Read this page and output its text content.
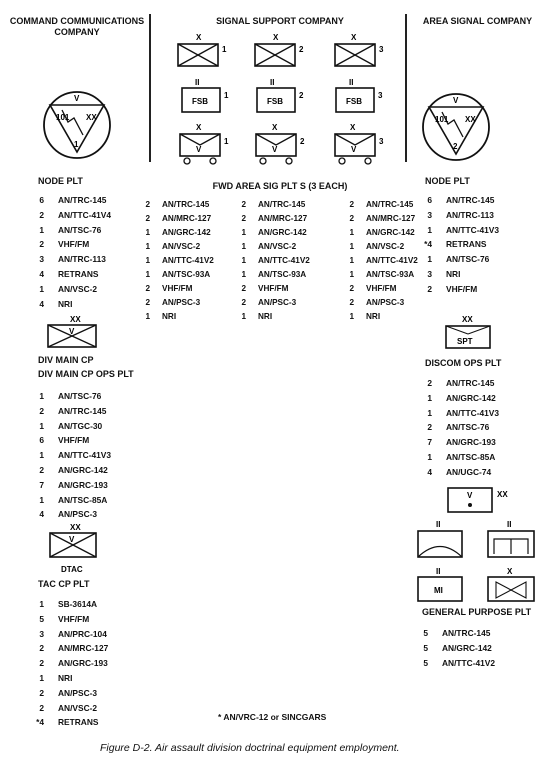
COMMAND COMMUNICATIONS COMPANY
SIGNAL SUPPORT COMPANY	AREA SIGNAL COMPANY
V
101 XX
1
NODE PLT
6 AN/TRC-145
2 AN/TTC-41V4
1 AN/TSC-76
2 VHF/FM
3 AN/TRC-113
4 RETRANS
1 AN/VSC-2
4 NRI
XX
V
DIV MAIN CP
DIV MAIN CP OPS PLT
1 AN/TSC-76
2 AN/TRC-145
1 AN/TGC-30
6 VHF/FM
1 AN/TTC-41V3
2 AN/GRC-142
7 AN/GRC-193
1 AN/TSC-85A
4 AN/PSC-3
XX
V
DTAC
TAC CP PLT
1 SB-3614A
5 VHF/FM
3 AN/PRC-104
2 AN/MRC-127
2 AN/GRC-193
1 NRI
2 AN/PSC-3
2 AN/VSC-2
*4 RETRANS
X
1
X
2
X
3
II
FSB
1
II
FSB
2
II
FSB
3
X
V
1
X
V
2
X
V
3
FWD AREA SIG PLT S (3 EACH)
2 AN/TRC-145
2 AN/MRC-127
1 AN/GRC-142
1 AN/VSC-2
1 AN/TTC-41V2
1 AN/TSC-93A
2 VHF/FM
2 AN/PSC-3
1 NRI
2 AN/TRC-145
2 AN/MRC-127
1 AN/GRC-142
1 AN/VSC-2
1 AN/TTC-41V2
1 AN/TSC-93A
2 VHF/FM
2 AN/PSC-3
1 NRI
2 AN/TRC-145
2 AN/MRC-127
1 AN/GRC-142
1 AN/VSC-2
1 AN/TTC-41V2
1 AN/TSC-93A
2 VHF/FM
2 AN/PSC-3
1 NRI
V
101 XX
2
NODE PLT
6 AN/TRC-145
3 AN/TRC-113
1 AN/TTC-41V3
*4 RETRANS
1 AN/TSC-76
3 NRI
2 VHF/FM
XX
SPT
DISCOM OPS PLT
2 AN/TRC-145
1 AN/GRC-142
1 AN/TTC-41V3
2 AN/TSC-76
7 AN/GRC-193
1 AN/TSC-85A
4 AN/UGC-74
V	XX
II	II
II
MI
X
GENERAL PURPOSE PLT
5 AN/TRC-145
5 AN/GRC-142
5 AN/TTC-41V2
* AN/VRC-12 or SINCGARS
Figure D-2. Air assault division doctrinal equipment employment.
